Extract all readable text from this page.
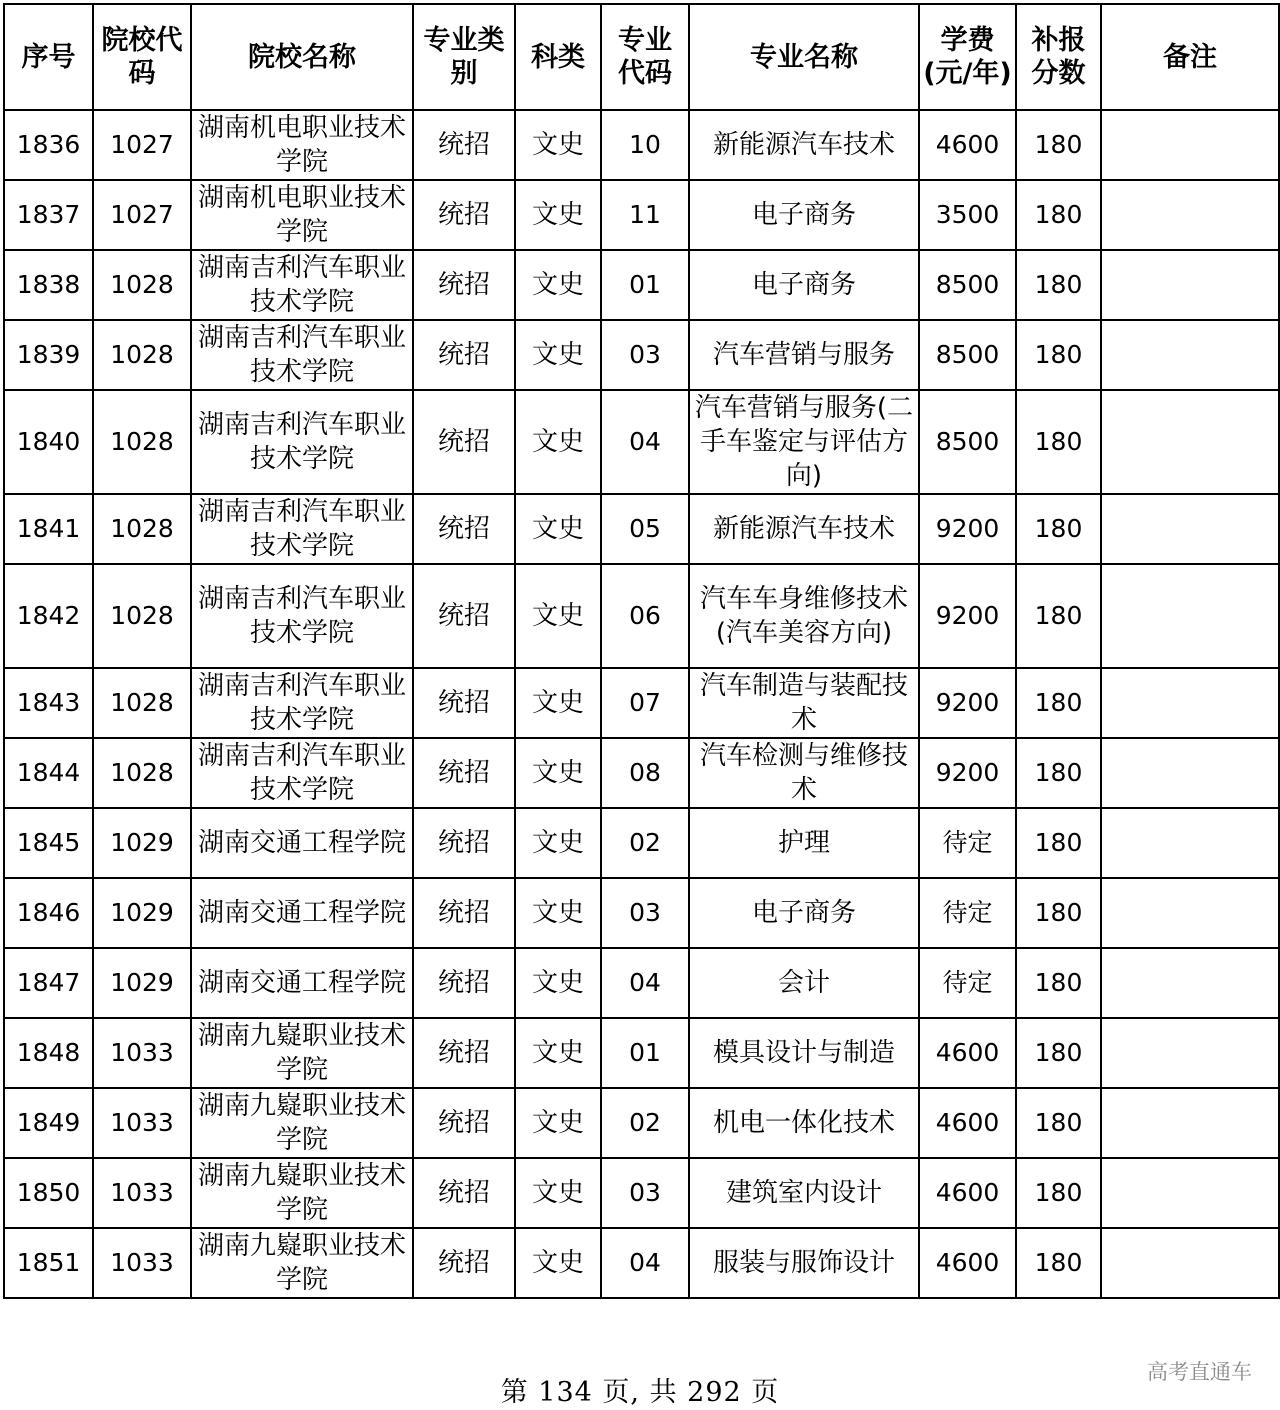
序号	院校代码	院校名称	专业类别	科类	专业代码	专业名称	学费(元/年)	补报分数	备注
1836	1027	湖南机电职业技术学院	统招	文史	10	新能源汽车技术	4600	180	
1837	1027	湖南机电职业技术学院	统招	文史	11	电子商务	3500	180	
1838	1028	湖南吉利汽车职业技术学院	统招	文史	01	电子商务	8500	180	
1839	1028	湖南吉利汽车职业技术学院	统招	文史	03	汽车营销与服务	8500	180	
1840	1028	湖南吉利汽车职业技术学院	统招	文史	04	汽车营销与服务(二手车鉴定与评估方向)	8500	180	
1841	1028	湖南吉利汽车职业技术学院	统招	文史	05	新能源汽车技术	9200	180	
1842	1028	湖南吉利汽车职业技术学院	统招	文史	06	汽车车身维修技术(汽车美容方向)	9200	180	
1843	1028	湖南吉利汽车职业技术学院	统招	文史	07	汽车制造与装配技术	9200	180	
1844	1028	湖南吉利汽车职业技术学院	统招	文史	08	汽车检测与维修技术	9200	180	
1845	1029	湖南交通工程学院	统招	文史	02	护理	待定	180	
1846	1029	湖南交通工程学院	统招	文史	03	电子商务	待定	180	
1847	1029	湖南交通工程学院	统招	文史	04	会计	待定	180	
1848	1033	湖南九嶷职业技术学院	统招	文史	01	模具设计与制造	4600	180	
1849	1033	湖南九嶷职业技术学院	统招	文史	02	机电一体化技术	4600	180	
1850	1033	湖南九嶷职业技术学院	统招	文史	03	建筑室内设计	4600	180	
1851	1033	湖南九嶷职业技术学院	统招	文史	04	服装与服饰设计	4600	180	
第 134 页, 共 292 页
高考直通车
